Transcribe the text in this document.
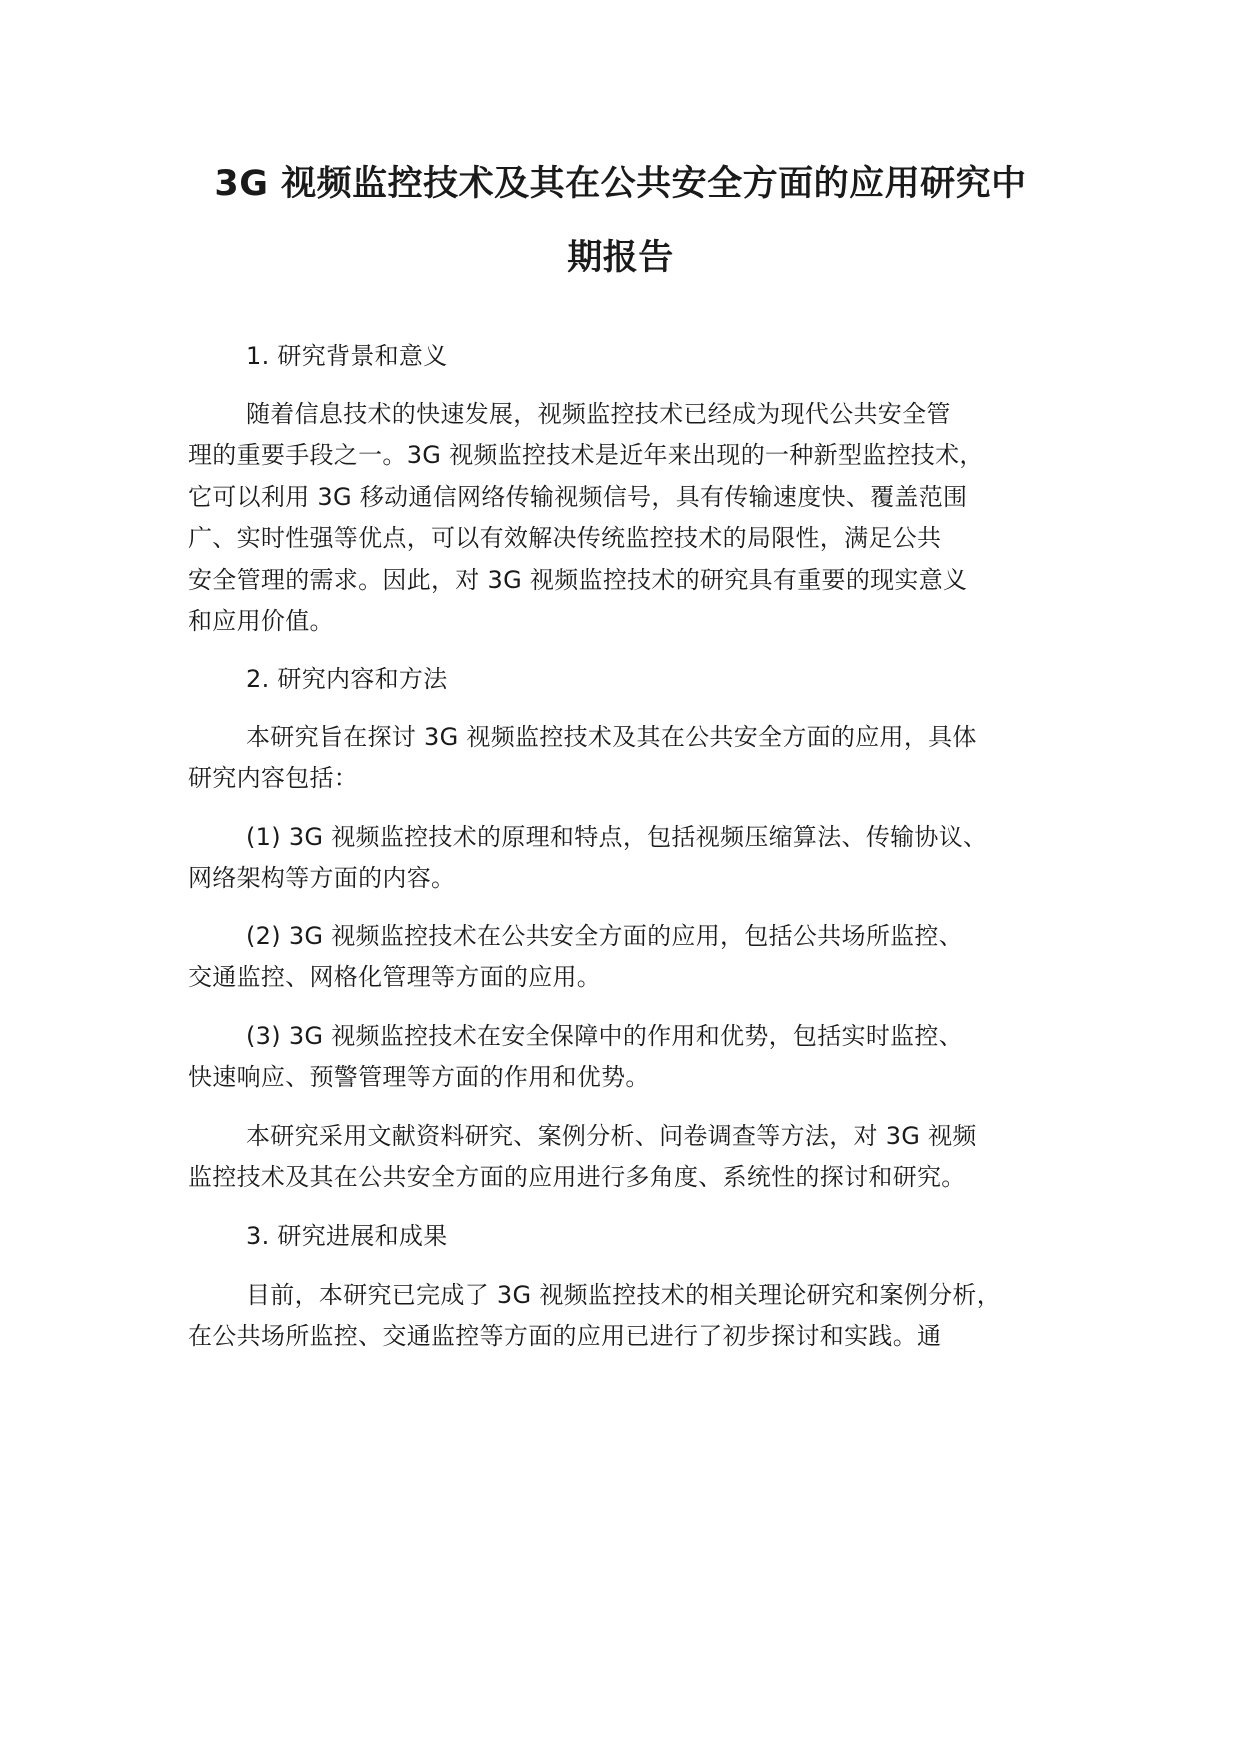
3G 视频监控技术及其在公共安全方面的应用研究中
期报告
1. 研究背景和意义
随着信息技术的快速发展，视频监控技术已经成为现代公共安全管
理的重要手段之一。3G 视频监控技术是近年来出现的一种新型监控技术，
它可以利用 3G 移动通信网络传输视频信号，具有传输速度快、覆盖范围
广、实时性强等优点，可以有效解决传统监控技术的局限性，满足公共
安全管理的需求。因此，对 3G 视频监控技术的研究具有重要的现实意义
和应用价值。
2. 研究内容和方法
本研究旨在探讨 3G 视频监控技术及其在公共安全方面的应用，具体
研究内容包括：
(1) 3G 视频监控技术的原理和特点，包括视频压缩算法、传输协议、
网络架构等方面的内容。
(2) 3G 视频监控技术在公共安全方面的应用，包括公共场所监控、
交通监控、网格化管理等方面的应用。
(3) 3G 视频监控技术在安全保障中的作用和优势，包括实时监控、
快速响应、预警管理等方面的作用和优势。
本研究采用文献资料研究、案例分析、问卷调查等方法，对 3G 视频
监控技术及其在公共安全方面的应用进行多角度、系统性的探讨和研究。
3. 研究进展和成果
目前，本研究已完成了 3G 视频监控技术的相关理论研究和案例分析，
在公共场所监控、交通监控等方面的应用已进行了初步探讨和实践。通
